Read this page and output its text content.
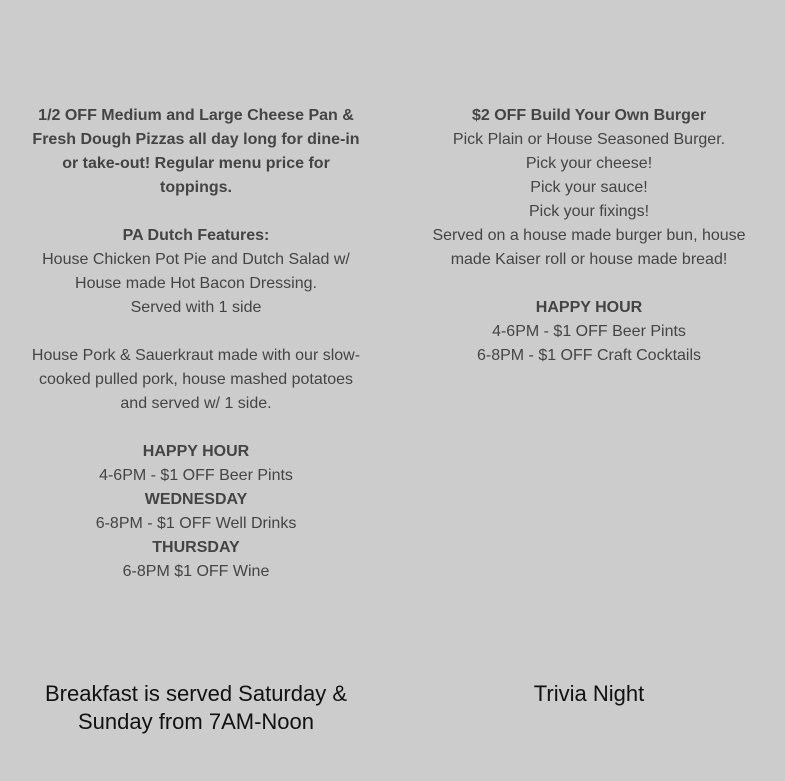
1/2 OFF Medium and Large Cheese Pan &
Fresh Dough Pizzas all day long for dine-in
or take-out! Regular menu price for
toppings.
PA Dutch Features:
House Chicken Pot Pie and Dutch Salad w/
House made Hot Bacon Dressing.
Served with 1 side
House Pork & Sauerkraut made with our slow-
cooked pulled pork, house mashed potatoes
and served w/ 1 side.
HAPPY HOUR
4-6PM - $1 OFF Beer Pints
WEDNESDAY
6-8PM - $1 OFF Well Drinks
THURSDAY
6-8PM $1 OFF Wine
$2 OFF Build Your Own Burger
Pick Plain or House Seasoned Burger.
Pick your cheese!
Pick your sauce!
Pick your fixings!
Served on a house made burger bun, house
made Kaiser roll or house made bread!
HAPPY HOUR
4-6PM - $1 OFF Beer Pints
6-8PM - $1 OFF Craft Cocktails
Breakfast is served Saturday &
Sunday from 7AM-Noon
Trivia Night
